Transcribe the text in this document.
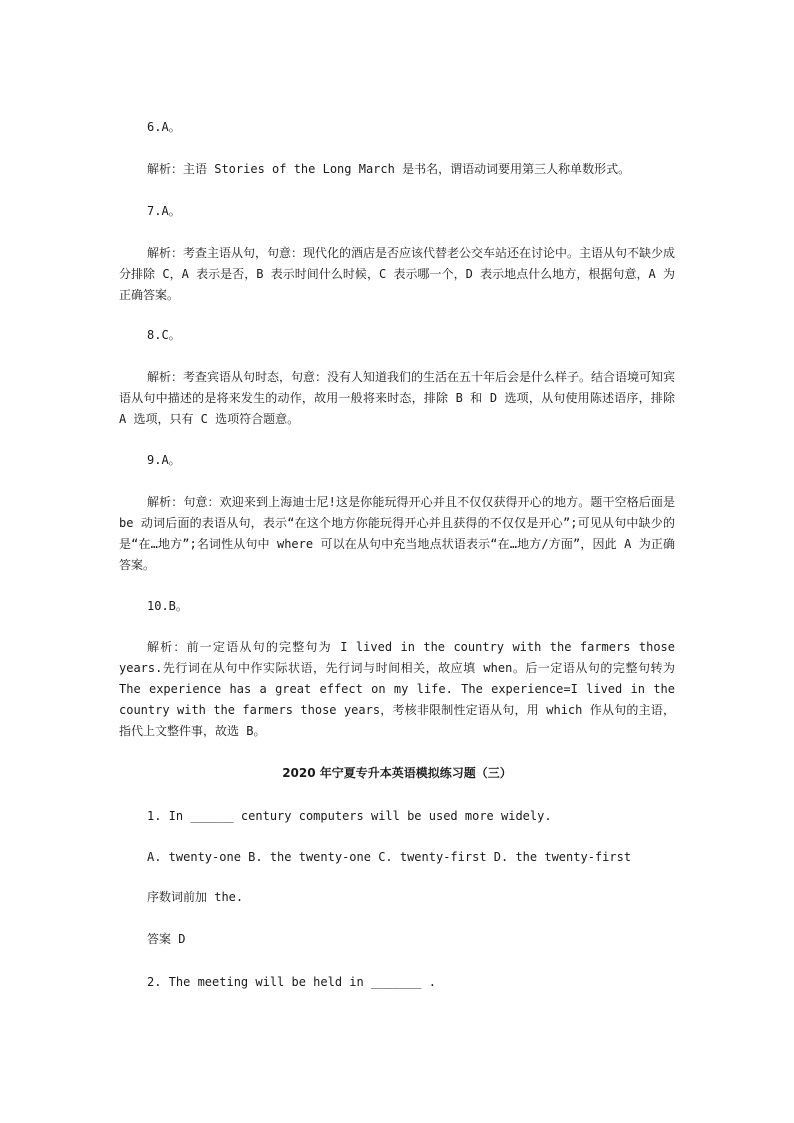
6.A。
解析：主语 Stories of the Long March 是书名，谓语动词要用第三人称单数形式。
7.A。
解析：考查主语从句，句意：现代化的酒店是否应该代替老公交车站还在讨论中。主语从句不缺少成分排除 C，A 表示是否，B 表示时间什么时候，C 表示哪一个，D 表示地点什么地方，根据句意，A 为正确答案。
8.C。
解析：考查宾语从句时态，句意：没有人知道我们的生活在五十年后会是什么样子。结合语境可知宾语从句中描述的是将来发生的动作，故用一般将来时态，排除 B 和 D 选项，从句使用陈述语序，排除 A 选项，只有 C 选项符合题意。
9.A。
解析：句意：欢迎来到上海迪士尼!这是你能玩得开心并且不仅仅获得开心的地方。题干空格后面是 be 动词后面的表语从句，表示“在这个地方你能玩得开心并且获得的不仅仅是开心”;可见从句中缺少的是“在…地方”;名词性从句中 where 可以在从句中充当地点状语表示“在…地方/方面”，因此 A 为正确答案。
10.B。
解析：前一定语从句的完整句为 I lived in the country with the farmers those years.先行词在从句中作实际状语，先行词与时间相关，故应填 when。后一定语从句的完整句转为 The experience has a great effect on my life. The experience=I lived in the country with the farmers those years，考核非限制性定语从句，用 which 作从句的主语，指代上文整件事，故选 B。
2020 年宁夏专升本英语模拟练习题（三）
1. In ______ century computers will be used more widely.
A. twenty-one B. the twenty-one C. twenty-first D. the twenty-first
序数词前加 the.
答案 D
2. The meeting will be held in _______ .
